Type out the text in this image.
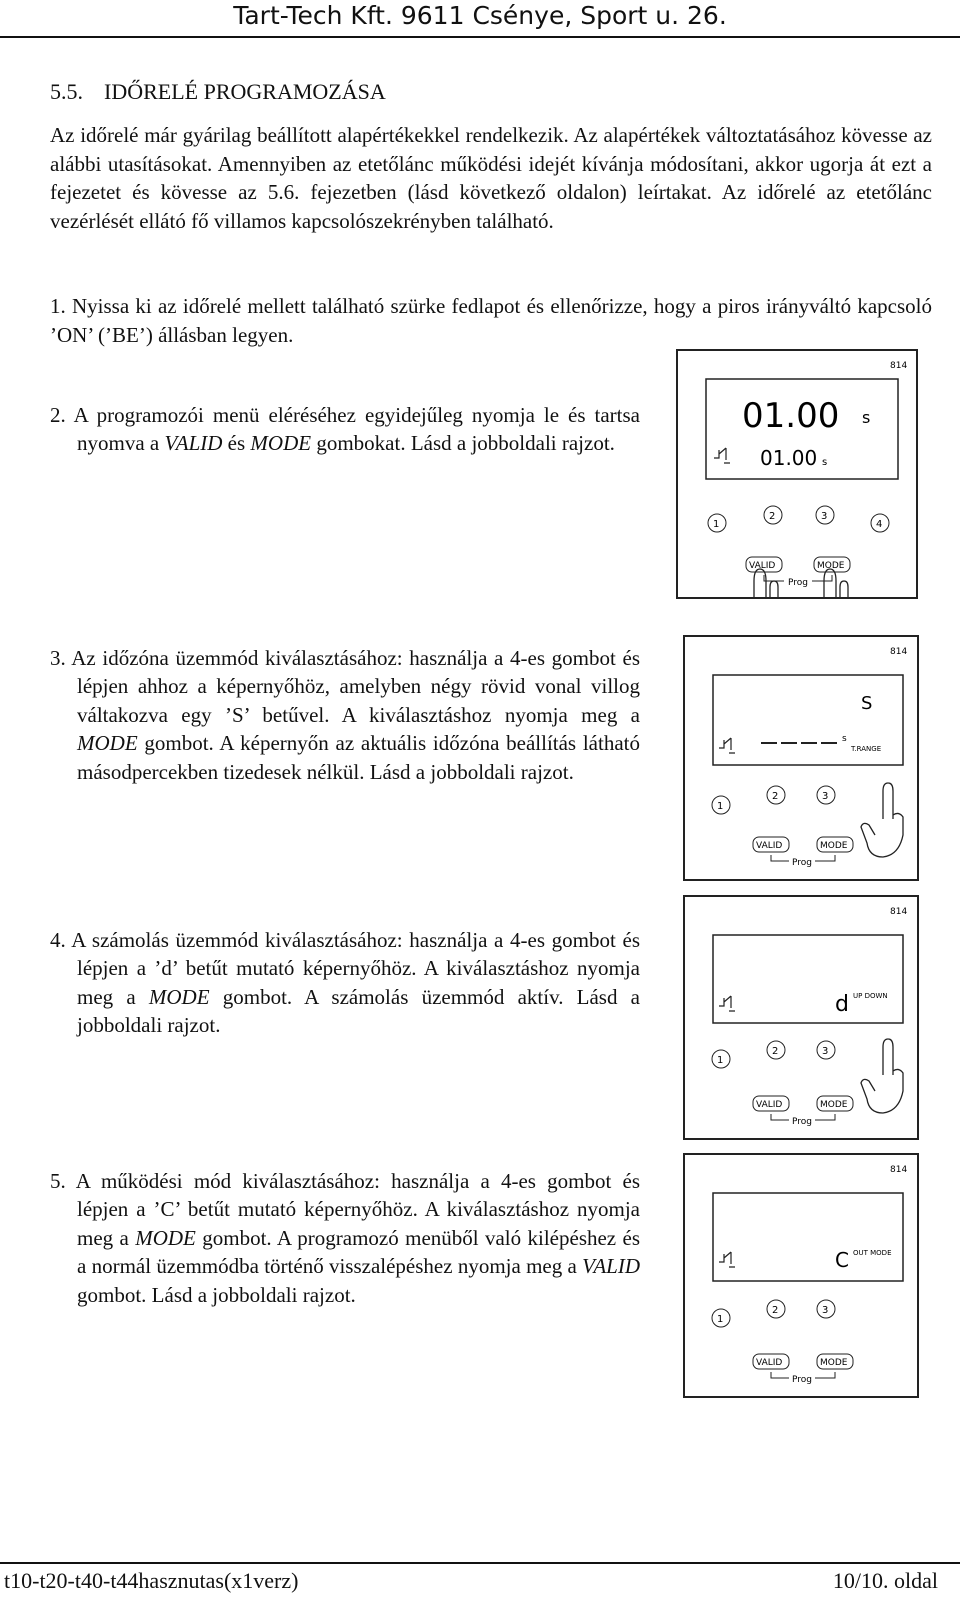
Tart-Tech Kft. 9611 Csénye, Sport u. 26.
5.5. IDŐRELÉ PROGRAMOZÁSA
Az időrelé már gyárilag beállított alapértékekkel rendelkezik. Az alapértékek változtatásához kövesse az alábbi utasításokat. Amennyiben az etetőlánc működési idejét kívánja módosítani, akkor ugorja át ezt a fejezetet és kövesse az 5.6. fejezetben (lásd következő oldalon) leírtakat. Az időrelé az etetőlánc vezérlését ellátó fő villamos kapcsolószekrényben található.
1. Nyissa ki az időrelé mellett található szürke fedlapot és ellenőrizze, hogy a piros irányváltó kapcsoló ’ON’ (’BE’) állásban legyen.
2. A programozói menü eléréséhez egyidejűleg nyomja le és tartsa nyomva a VALID és MODE gombokat. Lásd a jobboldali rajzot.
3. Az időzóna üzemmód kiválasztásához: használja a 4-es gombot és lépjen ahhoz a képernyőhöz, amelyben négy rövid vonal villog váltakozva egy ’S’ betűvel. A kiválasztáshoz nyomja meg a MODE gombot. A képernyőn az aktuális időzóna beállítás látható másodpercekben tizedesek nélkül. Lásd a jobboldali rajzot.
4. A számolás üzemmód kiválasztásához: használja a 4-es gombot és lépjen a ’d’ betűt mutató képernyőhöz. A kiválasztáshoz nyomja meg a MODE gombot. A számolás üzemmód aktív. Lásd a jobboldali rajzot.
5. A működési mód kiválasztásához: használja a 4-es gombot és lépjen a ’C’ betűt mutató képernyőhöz. A kiválasztáshoz nyomja meg a MODE gombot. A programozó menüből való kilépéshez és a normál üzemmódba történő visszalépéshez nyomja meg a VALID gombot. Lásd a jobboldali rajzot.
814
01.00 s
01.00 s
1
2	3
4
VALID	MODE
Prog
814
S
s
T.RANGE
1
2	3
VALID	MODE
Prog
814
d UP DOWN
1
2	3
VALID	MODE
Prog
814
C OUT MODE
1
2	3
VALID	MODE
Prog
t10-t20-t40-t44hasznutas(x1verz)	10/10. oldal
